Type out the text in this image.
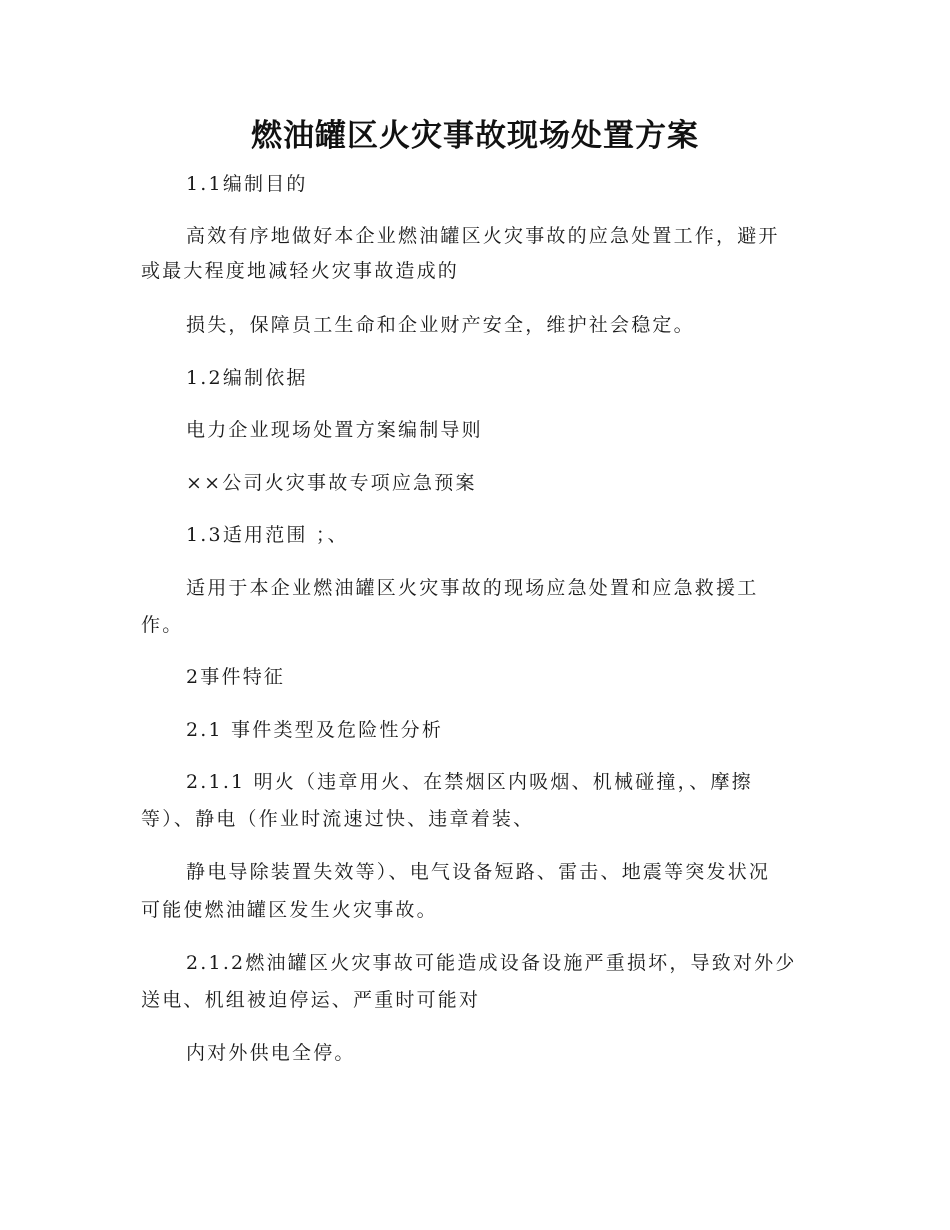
燃油罐区火灾事故现场处置方案

1.1编制目的

高效有序地做好本企业燃油罐区火灾事故的应急处置工作，避开

或最大程度地减轻火灾事故造成的

损失，保障员工生命和企业财产安全，维护社会稳定。

1.2编制依据

电力企业现场处置方案编制导则

××公司火灾事故专项应急预案

1.3适用范围 ；、

适用于本企业燃油罐区火灾事故的现场应急处置和应急救援工

作。

2事件特征

2.1 事件类型及危险性分析

2.1.1 明火（违章用火、在禁烟区内吸烟、机械碰撞，、摩擦

等）、静电（作业时流速过快、违章着装、

静电导除装置失效等）、电气设备短路、雷击、地震等突发状况

可能使燃油罐区发生火灾事故。

2.1.2燃油罐区火灾事故可能造成设备设施严重损坏，导致对外少

送电、机组被迫停运、严重时可能对

内对外供电全停。
